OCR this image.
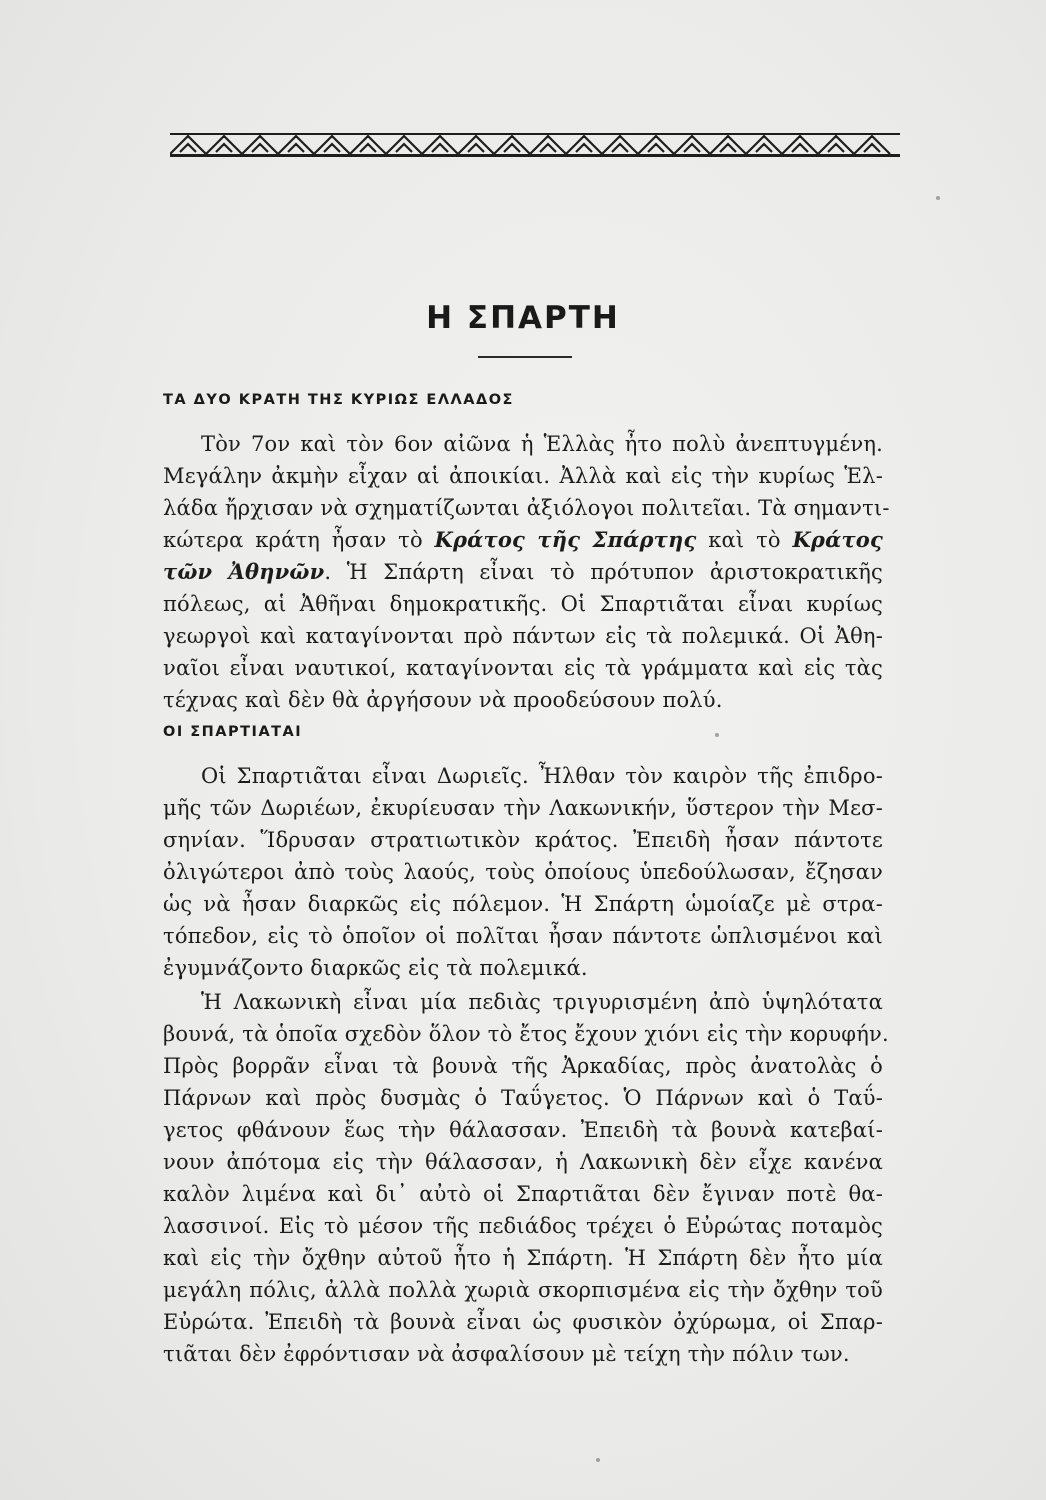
Η ΣΠΑΡΤΗ
ΤΑ ΔΥΟ ΚΡΑΤΗ ΤΗΣ ΚΥΡΙΩΣ ΕΛΛΑΔΟΣ
Τὸν 7ον καὶ τὸν 6ον αἰῶνα ἡ Ἑλλὰς ἦτο πολὺ ἀνεπτυγμένη.
Μεγάλην ἀκμὴν εἶχαν αἱ ἀποικίαι. Ἀλλὰ καὶ εἰς τὴν κυρίως Ἑλ-
λάδα ἤρχισαν νὰ σχηματίζωνται ἀξιόλογοι πολιτεῖαι. Τὰ σημαντι-
κώτερα κράτη ἦσαν τὸ Κράτος τῆς Σπάρτης καὶ τὸ Κράτος
τῶν Ἀθηνῶν. Ἡ Σπάρτη εἶναι τὸ πρότυπον ἀριστοκρατικῆς
πόλεως, αἱ Ἀθῆναι δημοκρατικῆς. Οἱ Σπαρτιᾶται εἶναι κυρίως
γεωργοὶ καὶ καταγίνονται πρὸ πάντων εἰς τὰ πολεμικά. Οἱ Ἀθη-
ναῖοι εἶναι ναυτικοί, καταγίνονται εἰς τὰ γράμματα καὶ εἰς τὰς
τέχνας καὶ δὲν θὰ ἀργήσουν νὰ προοδεύσουν πολύ.
ΟΙ ΣΠΑΡΤΙΑΤΑΙ
Οἱ Σπαρτιᾶται εἶναι Δωριεῖς. Ἦλθαν τὸν καιρὸν τῆς ἐπιδρο-
μῆς τῶν Δωριέων, ἐκυρίευσαν τὴν Λακωνικήν, ὕστερον τὴν Μεσ-
σηνίαν. Ἵδρυσαν στρατιωτικὸν κράτος. Ἐπειδὴ ἦσαν πάντοτε
ὀλιγώτεροι ἀπὸ τοὺς λαούς, τοὺς ὁποίους ὑπεδούλωσαν, ἔζησαν
ὡς νὰ ἦσαν διαρκῶς εἰς πόλεμον. Ἡ Σπάρτη ὡμοίαζε μὲ στρα-
τόπεδον, εἰς τὸ ὁποῖον οἱ πολῖται ἦσαν πάντοτε ὡπλισμένοι καὶ
ἐγυμνάζοντο διαρκῶς εἰς τὰ πολεμικά.
Ἡ Λακωνικὴ εἶναι μία πεδιὰς τριγυρισμένη ἀπὸ ὑψηλότατα
βουνά, τὰ ὁποῖα σχεδὸν ὅλον τὸ ἔτος ἔχουν χιόνι εἰς τὴν κορυφήν.
Πρὸς βορρᾶν εἶναι τὰ βουνὰ τῆς Ἀρκαδίας, πρὸς ἀνατολὰς ὁ
Πάρνων καὶ πρὸς δυσμὰς ὁ Ταΰγετος. Ὁ Πάρνων καὶ ὁ Ταΰ-
γετος φθάνουν ἕως τὴν θάλασσαν. Ἐπειδὴ τὰ βουνὰ κατεβαί-
νουν ἀπότομα εἰς τὴν θάλασσαν, ἡ Λακωνικὴ δὲν εἶχε κανένα
καλὸν λιμένα καὶ δι᾿ αὐτὸ οἱ Σπαρτιᾶται δὲν ἔγιναν ποτὲ θα-
λασσινοί. Εἰς τὸ μέσον τῆς πεδιάδος τρέχει ὁ Εὐρώτας ποταμὸς
καὶ εἰς τὴν ὄχθην αὐτοῦ ἦτο ἡ Σπάρτη. Ἡ Σπάρτη δὲν ἦτο μία
μεγάλη πόλις, ἀλλὰ πολλὰ χωριὰ σκορπισμένα εἰς τὴν ὄχθην τοῦ
Εὐρώτα. Ἐπειδὴ τὰ βουνὰ εἶναι ὡς φυσικὸν ὀχύρωμα, οἱ Σπαρ-
τιᾶται δὲν ἐφρόντισαν νὰ ἀσφαλίσουν μὲ τείχη τὴν πόλιν των.
